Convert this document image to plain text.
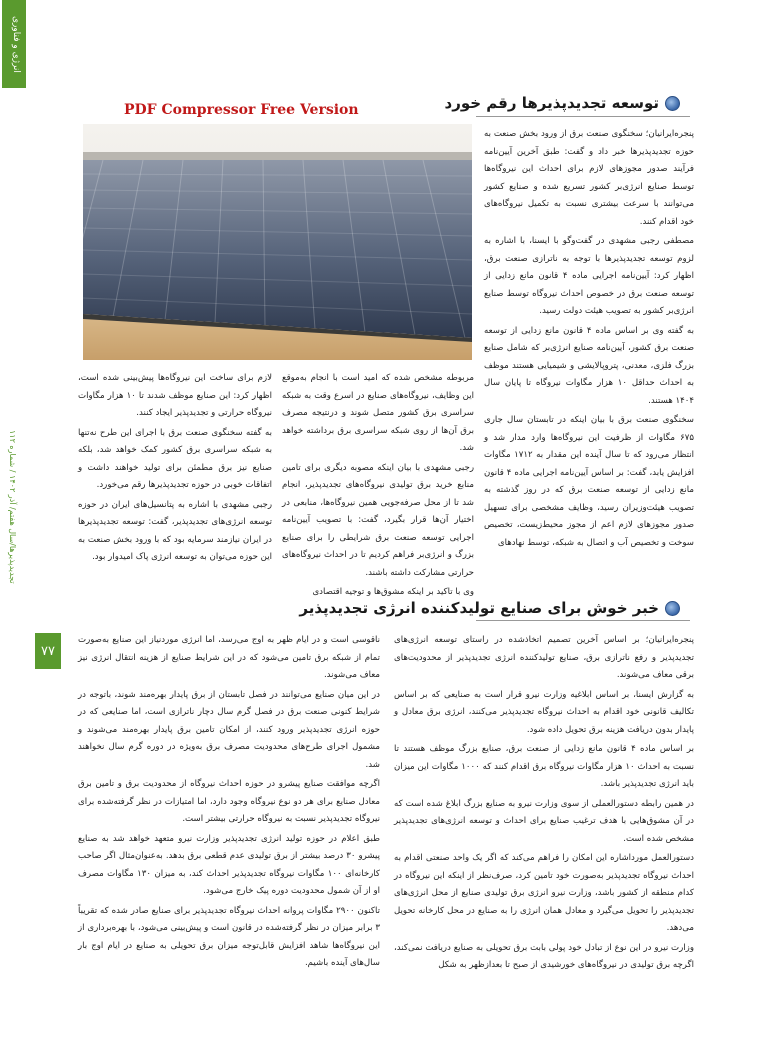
انرژی و فناوری
تجدیدپذیرها/سال هفتم/ آذر ۱۴۰۲ / شماره ۱۱۲
۷۷
PDF Compressor Free Version	توسعه تجدیدپذیرها رقم خورد

پنجره‌ایرانیان؛ سخنگوی صنعت برق از ورود بخش صنعت به حوزه تجدیدپذیرها خبر داد و گفت: طبق آخرین آیین‌نامه فرآیند صدور مجوزهای لازم برای احداث این نیروگاه‌ها توسط صنایع انرژی‌بر کشور تسریع شده و صنایع کشور می‌توانند با سرعت بیشتری نسبت به تکمیل نیروگاه‌های خود اقدام کنند.

مصطفی رجبی مشهدی در گفت‌وگو با ایسنا، با اشاره به لزوم توسعه تجدیدپذیرها با توجه به ناترازی صنعت برق، اظهار کرد: آیین‌نامه اجرایی ماده ۴ قانون مانع زدایی از توسعه صنعت برق در خصوص احداث نیروگاه توسط صنایع انرژی‌بر کشور به تصویب هیئت دولت رسید.

به گفته وی بر اساس ماده ۴ قانون مانع زدایی از توسعه صنعت برق کشور، آیین‌نامه صنایع انرژی‌بر که شامل صنایع بزرگ فلزی، معدنی، پتروپالایشی و شیمیایی هستند موظف به احداث حداقل ۱۰ هزار مگاوات نیروگاه تا پایان سال ۱۴۰۴ هستند.

سخنگوی صنعت برق با بیان اینکه در تابستان سال جاری ۶۷۵ مگاوات از ظرفیت این نیروگاه‌ها وارد مدار شد و انتظار می‌رود که تا سال آینده این مقدار به ۱۷۱۲ مگاوات افزایش یابد، گفت: بر اساس آیین‌نامه اجرایی ماده ۴ قانون مانع زدایی از توسعه صنعت برق که در روز گذشته به تصویب هیئت‌وزیران رسید، وظایف مشخصی برای تسهیل صدور مجوزهای لازم اعم از مجوز محیط‌زیست، تخصیص سوخت و تخصیص آب و اتصال به شبکه، توسط نهادهای

مربوطه مشخص شده که امید است با انجام به‌موقع این وظایف، نیروگاه‌های صنایع در اسرع وقت به شبکه سراسری برق کشور متصل شوند و درنتیجه مصرف برق آن‌ها از روی شبکه سراسری برق برداشته خواهد شد.

رجبی مشهدی با بیان اینکه مصوبه دیگری برای تامین منابع خرید برق تولیدی نیروگاه‌های تجدیدپذیر، انجام شد تا از محل صرفه‌جویی همین نیروگاه‌ها، منابعی در اختیار آن‌ها قرار بگیرد، گفت: با تصویب آیین‌نامه اجرایی توسعه صنعت برق شرایطی را برای صنایع بزرگ و انرژی‌بر فراهم کردیم تا در احداث نیروگاه‌های حرارتی مشارکت داشته باشند.

وی با تاکید بر اینکه مشوق‌ها و توجیه اقتصادی

لازم برای ساخت این نیروگاه‌ها پیش‌بینی شده است، اظهار کرد: این صنایع موظف شدند تا ۱۰ هزار مگاوات نیروگاه حرارتی و تجدیدپذیر ایجاد کنند.

به گفته سخنگوی صنعت برق با اجرای این طرح نه‌تنها به شبکه سراسری برق کشور کمک خواهد شد، بلکه صنایع نیز برق مطمئن برای تولید خواهند داشت و اتفاقات خوبی در حوزه تجدیدپذیرها رقم می‌خورد.

رجبی مشهدی با اشاره به پتانسیل‌های ایران در حوزه توسعه انرژی‌های تجدیدپذیر، گفت: توسعه تجدیدپذیرها در ایران نیازمند سرمایه بود که با ورود بخش صنعت به این حوزه می‌توان به توسعه انرژی پاک امیدوار بود.

خبر خوش برای صنایع تولیدکننده انرژی تجدیدپذیر

پنجره‌ایرانیان؛ بر اساس آخرین تصمیم اتخاذشده در راستای توسعه انرژی‌های تجدیدپذیر و رفع ناترازی برق، صنایع تولیدکننده انرژی تجدیدپذیر از محدودیت‌های برقی معاف می‌شوند.

به گزارش ایسنا، بر اساس ابلاغیه وزارت نیرو قرار است به صنایعی که بر اساس تکالیف قانونی خود اقدام به احداث نیروگاه تجدیدپذیر می‌کنند، انرژی برق معادل و پایدار بدون دریافت هزینه برق تحویل داده شود.

بر اساس ماده ۴ قانون مانع زدایی از صنعت برق، صنایع بزرگ موظف هستند تا نسبت به احداث ۱۰ هزار مگاوات نیروگاه برق اقدام کنند که ۱۰۰۰ مگاوات این میزان باید انرژی تجدیدپذیر باشد.

در همین رابطه دستورالعملی از سوی وزارت نیرو به صنایع بزرگ ابلاغ شده است که در آن مشوق‌هایی با هدف ترغیب صنایع برای احداث و توسعه انرژی‌های تجدیدپذیر مشخص شده است.

دستورالعمل مورداشاره این امکان را فراهم می‌کند که اگر یک واحد صنعتی اقدام به احداث نیروگاه تجدیدپذیر به‌صورت خود تامین کرد، صرف‌نظر از اینکه این نیروگاه در کدام منطقه از کشور باشد، وزارت نیرو انرژی برق تولیدی صنایع از محل انرژی‌های تجدیدپذیر را تحویل می‌گیرد و معادل همان انرژی را به صنایع در محل کارخانه تحویل می‌دهد.

وزارت نیرو در این نوع از تبادل خود پولی بابت برق تحویلی به صنایع دریافت نمی‌کند، اگرچه برق تولیدی در نیروگاه‌های خورشیدی از صبح تا بعدازظهر به شکل

ناقوسی است و در ایام ظهر به اوج می‌رسد، اما انرژی موردنیاز این صنایع به‌صورت تمام از شبکه برق تامین می‌شود که در این شرایط صنایع از هزینه انتقال انرژی نیز معاف می‌شوند.

در این میان صنایع می‌توانند در فصل تابستان از برق پایدار بهره‌مند شوند، باتوجه در شرایط کنونی صنعت برق در فصل گرم سال دچار ناترازی است، اما صنایعی که در حوزه انرژی تجدیدپذیر ورود کنند، از امکان تامین برق پایدار بهره‌مند می‌شوند و مشمول اجرای طرح‌های محدودیت مصرف برق به‌ویژه در دوره گرم سال نخواهند شد.

اگرچه موافقت صنایع پیشرو در حوزه احداث نیروگاه از محدودیت برق و تامین برق معادل صنایع برای هر دو نوع نیروگاه وجود دارد، اما امتیازات در نظر گرفته‌شده برای نیروگاه تجدیدپذیر نسبت به نیروگاه حرارتی بیشتر است.

طبق اعلام در حوزه تولید انرژی تجدیدپذیر وزارت نیرو متعهد خواهد شد به صنایع پیشرو ۳۰ درصد بیشتر از برق تولیدی عدم قطعی برق بدهد. به‌عنوان‌مثال اگر صاحب کارخانه‌ای ۱۰۰ مگاوات نیروگاه تجدیدپذیر احداث کند، به میزان ۱۳۰ مگاوات مصرف او از آن شمول محدودیت دوره پیک خارج می‌شود.

تاکنون ۲۹۰۰ مگاوات پروانه احداث نیروگاه تجدیدپذیر برای صنایع صادر شده که تقریباً ۳ برابر میزان در نظر گرفته‌شده در قانون است و پیش‌بینی می‌شود، با بهره‌برداری از این نیروگاه‌ها شاهد افزایش قابل‌توجه میزان برق تحویلی به صنایع در ایام اوج بار سال‌های آینده باشیم.
